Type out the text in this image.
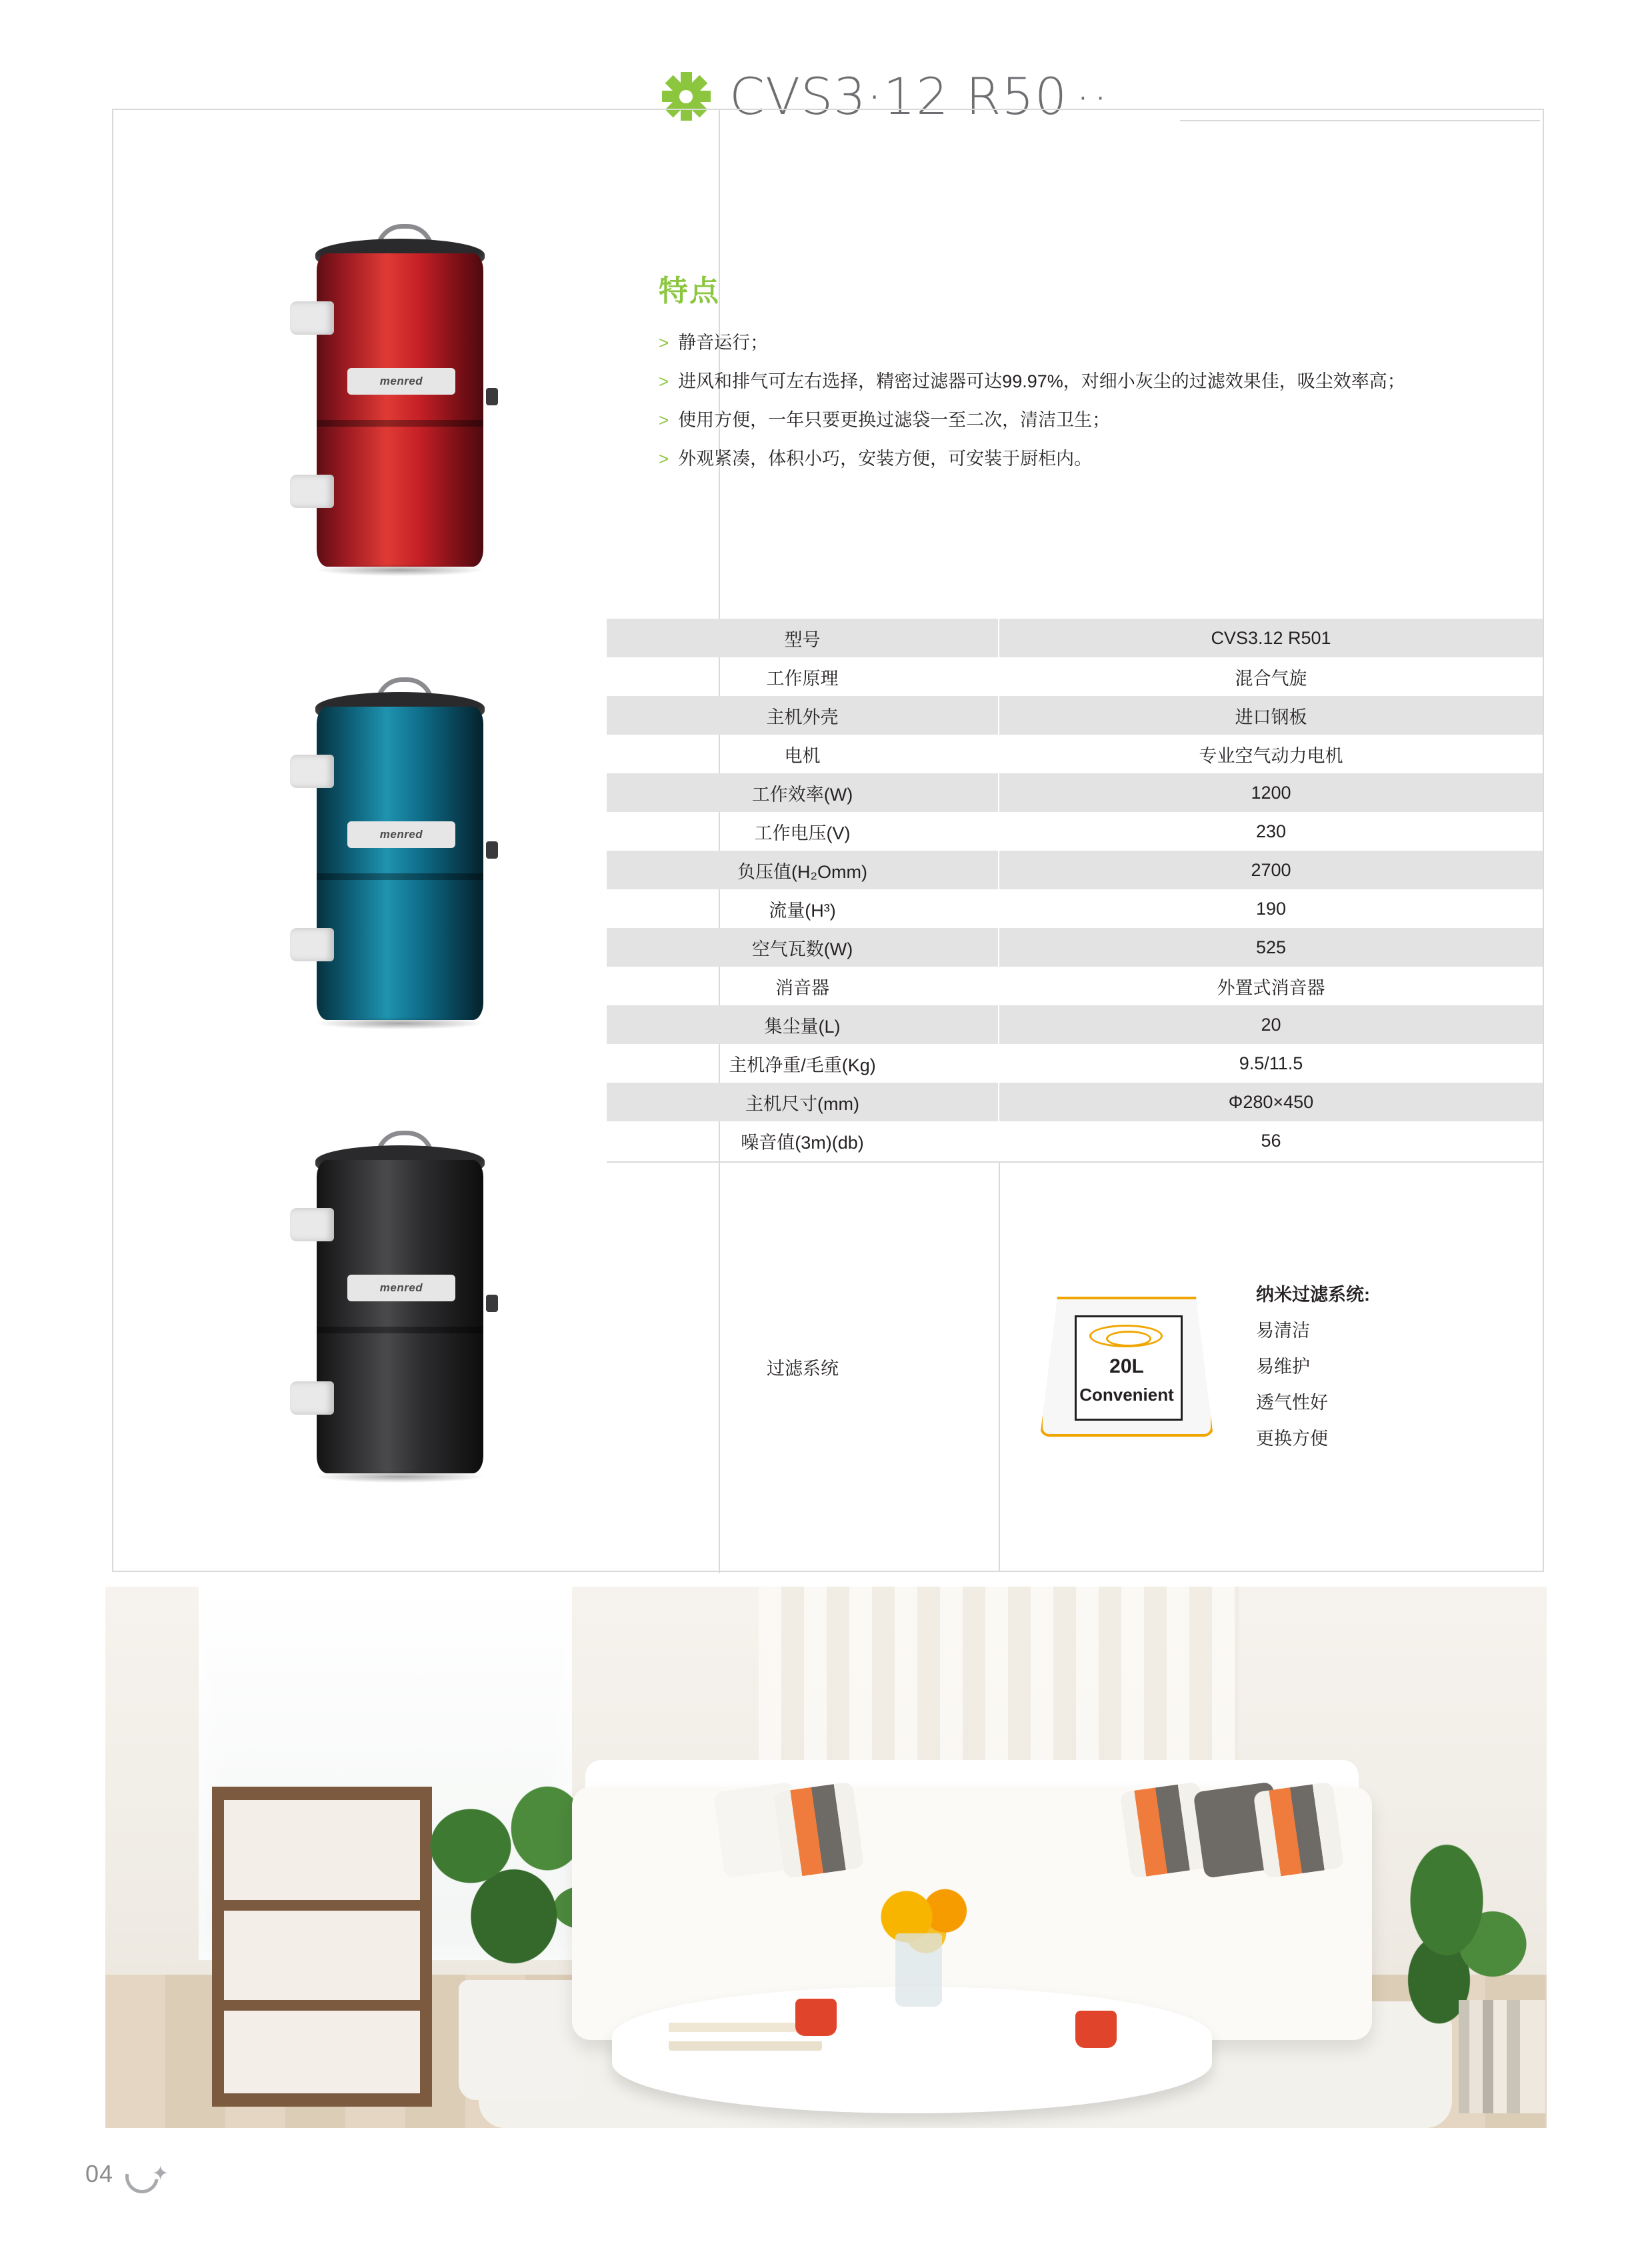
CVS3·12 R50 ··
menred
menred
menred
特点
> 静音运行；
> 进风和排气可左右选择，精密过滤器可达99.97%，对细小灰尘的过滤效果佳，吸尘效率高；
> 使用方便，一年只要更换过滤袋一至二次，清洁卫生；
> 外观紧凑，体积小巧，安装方便，可安装于厨柜内。
型号	CVS3.12 R501
工作原理	混合气旋
主机外壳	进口钢板
电机	专业空气动力电机
工作效率(W)	1200
工作电压(V)	230
负压值(H₂Omm)	2700
流量(H³)	190
空气瓦数(W)	525
消音器	外置式消音器
集尘量(L)	20
主机净重/毛重(Kg)	9.5/11.5
主机尺寸(mm)	Φ280×450
噪音值(3m)(db)	56
过滤系统	20L
Convenient
纳米过滤系统:
易清洁
易维护
透气性好
更换方便
04 ✦
